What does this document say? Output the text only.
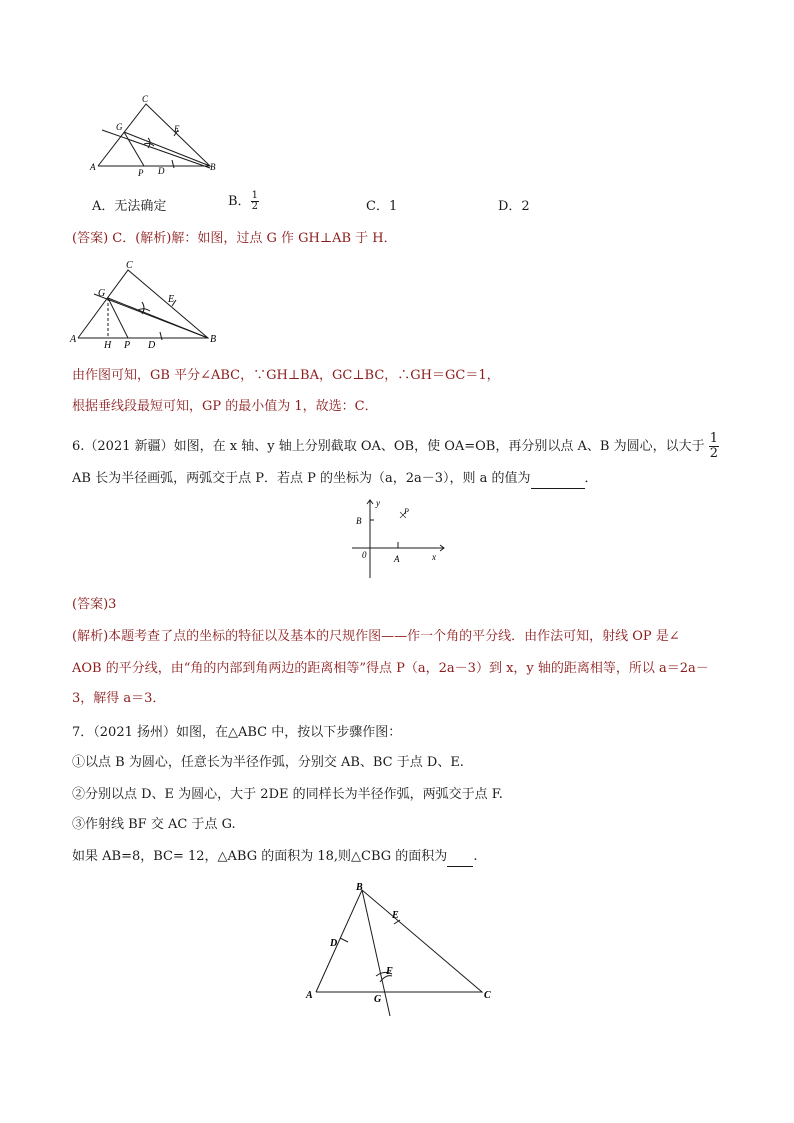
C
G	E
A
P D	B
A．无法确定	B． $\frac{1}{2}$	C．1	D．2
(答案) C．(解析)解：如图，过点 G 作 GH⊥AB 于 H．
C
G
E
A
H P D
B
由作图可知，GB 平分∠ABC，∵GH⊥BA，GC⊥BC，∴GH＝GC＝1，
根据垂线段最短可知，GP 的最小值为 1，故选：C．
6.（2021 新疆）如图，在 x 轴、y 轴上分别截取 OA、OB，使 OA=OB，再分别以点 A、B 为圆心，以大于 $\frac{1}{2}$
AB 长为半径画弧，两弧交于点 P．若点 P 的坐标为（a，2a－3），则 a 的值为	．
y
B
P
0	A	x
(答案)3
(解析)本题考查了点的坐标的特征以及基本的尺规作图——作一个角的平分线．由作法可知，射线 OP 是∠
AOB 的平分线，由“角的内部到角两边的距离相等”得点 P（a，2a－3）到 x，y 轴的距离相等，所以 a＝2a－
3，解得 a＝3．
7．（2021 扬州）如图，在△ABC 中，按以下步骤作图：
①以点 B 为圆心，任意长为半径作弧，分别交 AB、BC 于点 D、E.
②分别以点 D、E 为圆心，大于 2DE 的同样长为半径作弧，两弧交于点 F.
③作射线 BF 交 AC 于点 G.
如果 AB=8，BC= 12，△ABG 的面积为 18,则△CBG 的面积为 .
B
E
D
F
A	G	C
